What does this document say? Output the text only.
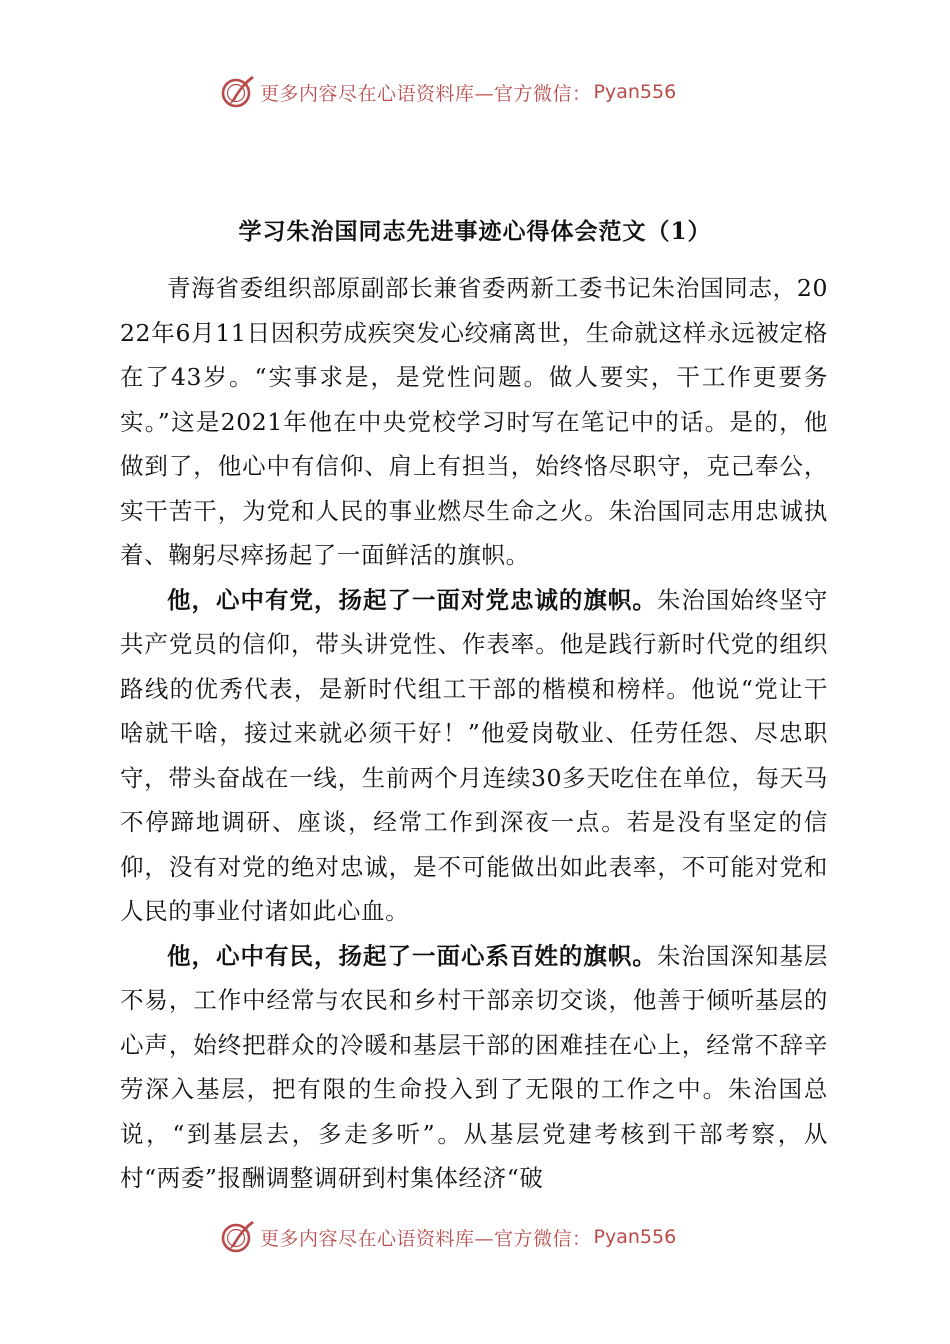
更多内容尽在心语资料库—官方微信： Pyan556
学习朱治国同志先进事迹心得体会范文（1）

青海省委组织部原副部长兼省委两新工委书记朱治国同志，2022年6月11日因积劳成疾突发心绞痛离世，生命就这样永远被定格在了43岁。“实事求是，是党性问题。做人要实，干工作更要务实。”这是2021年他在中央党校学习时写在笔记中的话。是的，他做到了，他心中有信仰、肩上有担当，始终恪尽职守，克己奉公，实干苦干，为党和人民的事业燃尽生命之火。朱治国同志用忠诚执着、鞠躬尽瘁扬起了一面鲜活的旗帜。

他，心中有党，扬起了一面对党忠诚的旗帜。朱治国始终坚守共产党员的信仰，带头讲党性、作表率。他是践行新时代党的组织路线的优秀代表，是新时代组工干部的楷模和榜样。他说“党让干啥就干啥，接过来就必须干好！”他爱岗敬业、任劳任怨、尽忠职守，带头奋战在一线，生前两个月连续30多天吃住在单位，每天马不停蹄地调研、座谈，经常工作到深夜一点。若是没有坚定的信仰，没有对党的绝对忠诚，是不可能做出如此表率，不可能对党和人民的事业付诸如此心血。

他，心中有民，扬起了一面心系百姓的旗帜。朱治国深知基层不易，工作中经常与农民和乡村干部亲切交谈，他善于倾听基层的心声，始终把群众的冷暖和基层干部的困难挂在心上，经常不辞辛劳深入基层，把有限的生命投入到了无限的工作之中。朱治国总说，“到基层去，多走多听”。从基层党建考核到干部考察，从村“两委”报酬调整调研到村集体经济“破

更多内容尽在心语资料库—官方微信： Pyan556
